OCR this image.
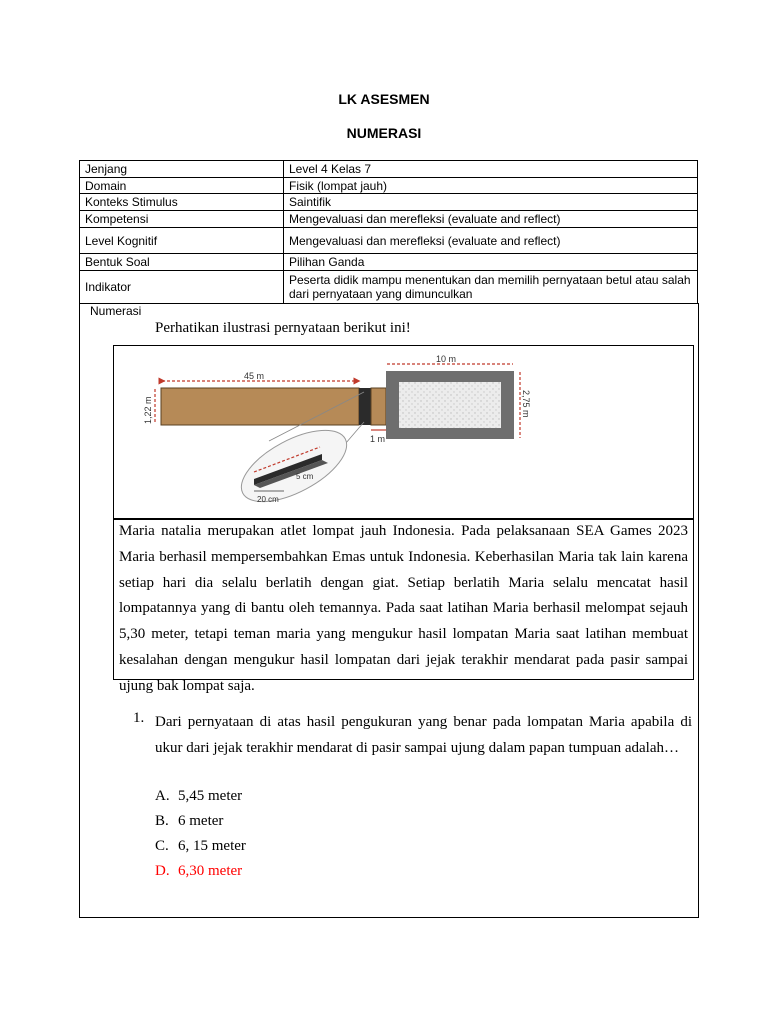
LK ASESMEN
NUMERASI
Jenjang	Level 4 Kelas 7
Domain	Fisik (lompat jauh)
Konteks Stimulus	Saintifik
Kompetensi	Mengevaluasi dan merefleksi (evaluate and reflect)
Level Kognitif	Mengevaluasi dan merefleksi (evaluate and reflect)
Bentuk Soal	Pilihan Ganda
Indikator	Peserta didik mampu menentukan dan memilih pernyataan betul atau salah dari pernyataan yang dimunculkan
Numerasi
Perhatikan ilustrasi pernyataan berikut ini!
45 m
1,22 m
10 m
2,75 m
1 m
5 cm
20 cm

Maria natalia merupakan atlet lompat jauh Indonesia. Pada pelaksanaan SEA Games 2023 Maria berhasil mempersembahkan Emas untuk Indonesia. Keberhasilan Maria tak lain karena setiap hari dia selalu berlatih dengan giat. Setiap berlatih Maria selalu mencatat hasil lompatannya yang di bantu oleh temannya. Pada saat latihan Maria berhasil melompat sejauh 5,30 meter, tetapi teman maria yang mengukur hasil lompatan Maria saat latihan membuat kesalahan dengan mengukur hasil lompatan dari jejak terakhir mendarat pada pasir sampai ujung bak lompat saja.

1. Dari pernyataan di atas hasil pengukuran yang benar pada lompatan Maria apabila di ukur dari jejak terakhir mendarat di pasir sampai ujung dalam papan tumpuan adalah…
A. 5,45 meter
B. 6 meter
C. 6, 15 meter
D. 6,30 meter
